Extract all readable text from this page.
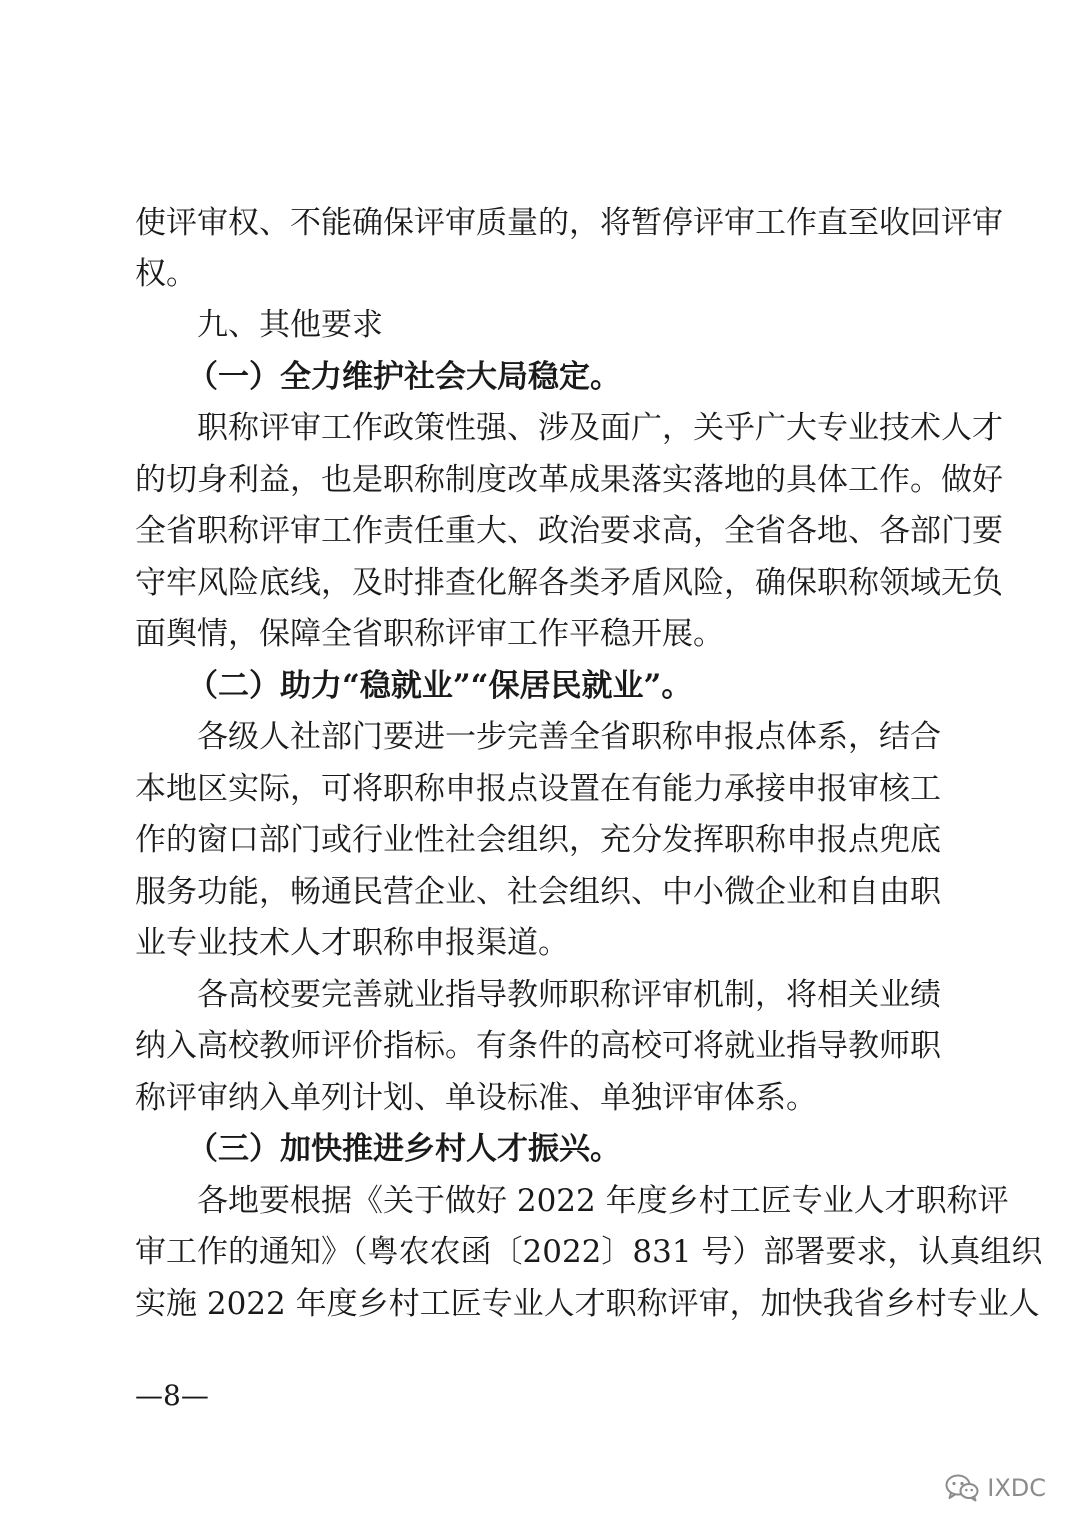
使评审权、不能确保评审质量的，将暂停评审工作直至收回评审
权。
九、其他要求
（一）全力维护社会大局稳定。
职称评审工作政策性强、涉及面广，关乎广大专业技术人才
的切身利益，也是职称制度改革成果落实落地的具体工作。做好
全省职称评审工作责任重大、政治要求高，全省各地、各部门要
守牢风险底线，及时排查化解各类矛盾风险，确保职称领域无负
面舆情，保障全省职称评审工作平稳开展。
（二）助力“稳就业”“保居民就业”。
各级人社部门要进一步完善全省职称申报点体系，结合
本地区实际，可将职称申报点设置在有能力承接申报审核工
作的窗口部门或行业性社会组织，充分发挥职称申报点兜底
服务功能，畅通民营企业、社会组织、中小微企业和自由职
业专业技术人才职称申报渠道。
各高校要完善就业指导教师职称评审机制，将相关业绩
纳入高校教师评价指标。有条件的高校可将就业指导教师职
称评审纳入单列计划、单设标准、单独评审体系。
（三）加快推进乡村人才振兴。
各地要根据《关于做好 2022 年度乡村工匠专业人才职称评
审工作的通知》（粤农农函〔2022〕831 号）部署要求，认真组织
实施 2022 年度乡村工匠专业人才职称评审，加快我省乡村专业人
—8—
IXDC
